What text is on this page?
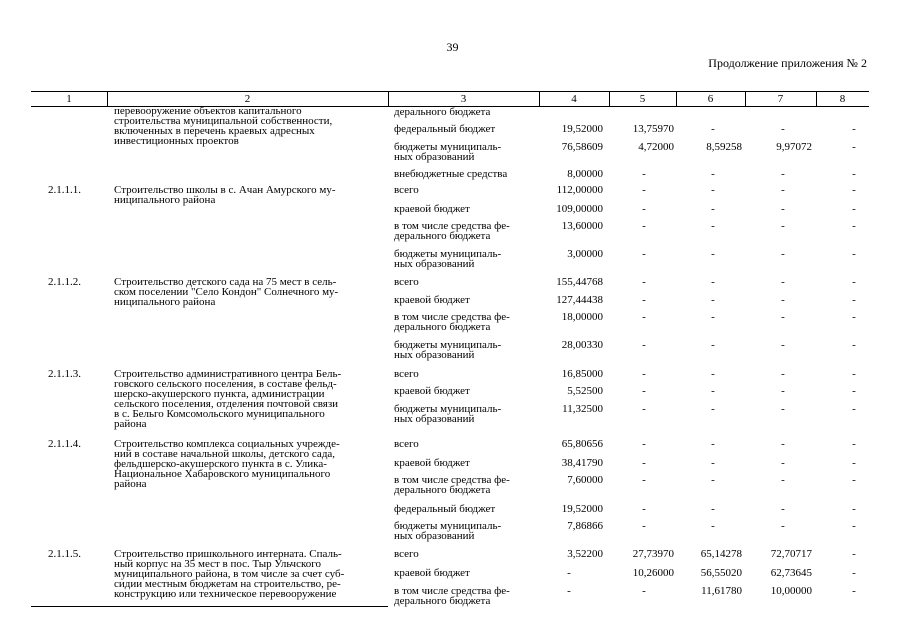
39
Продолжение приложения № 2
1	2	3	4	5	6	7	8
перевооружение объектов капитального
строительства муниципальной собственности,
включенных в перечень краевых адресных
инвестиционных проектов
дерального бюджета
федеральный бюджет	19,52000	13,75970	-	-	-
бюджеты муниципаль-
ных образований
76,58609	4,72000	8,59258	9,97072	-
внебюджетные средства	8,00000	-	-	-	-
2.1.1.1.	Строительство школы в с. Ачан Амурского му-
ниципального района
всего	112,00000	-	-	-	-
краевой бюджет	109,00000	-	-	-	-
в том числе средства фе-
дерального бюджета
13,60000	-	-	-	-
бюджеты муниципаль-
ных образований
3,00000	-	-	-	-
2.1.1.2.	Строительство детского сада на 75 мест в сель-
ском поселении "Село Кондон" Солнечного му-
ниципального района
всего	155,44768	-	-	-	-
краевой бюджет	127,44438	-	-	-	-
в том числе средства фе-
дерального бюджета
18,00000	-	-	-	-
бюджеты муниципаль-
ных образований
28,00330	-	-	-	-
2.1.1.3.	Строительство административного центра Бель-
говского сельского поселения, в составе фельд-
шерско-акушерского пункта, администрации
сельского поселения, отделения почтовой связи
в с. Бельго Комсомольского муниципального
района
всего	16,85000	-	-	-	-
краевой бюджет	5,52500	-	-	-	-
бюджеты муниципаль-
ных образований
11,32500	-	-	-	-
2.1.1.4.	Строительство комплекса социальных учрежде-
ний в составе начальной школы, детского сада,
фельдшерско-акушерского пункта в с. Улика-
Национальное Хабаровского муниципального
района
всего	65,80656	-	-	-	-
краевой бюджет	38,41790	-	-	-	-
в том числе средства фе-
дерального бюджета
7,60000	-	-	-	-
федеральный бюджет	19,52000	-	-	-	-
бюджеты муниципаль-
ных образований
7,86866	-	-	-	-
2.1.1.5.	Строительство пришкольного интерната. Спаль-
ный корпус на 35 мест в пос. Тыр Ульчского
муниципального района, в том числе за счет суб-
сидии местным бюджетам на строительство, ре-
конструкцию или техническое перевооружение
всего	3,52200	27,73970	65,14278	72,70717	-
краевой бюджет	-	10,26000	56,55020	62,73645	-
в том числе средства фе-
дерального бюджета
-	-	11,61780	10,00000	-
